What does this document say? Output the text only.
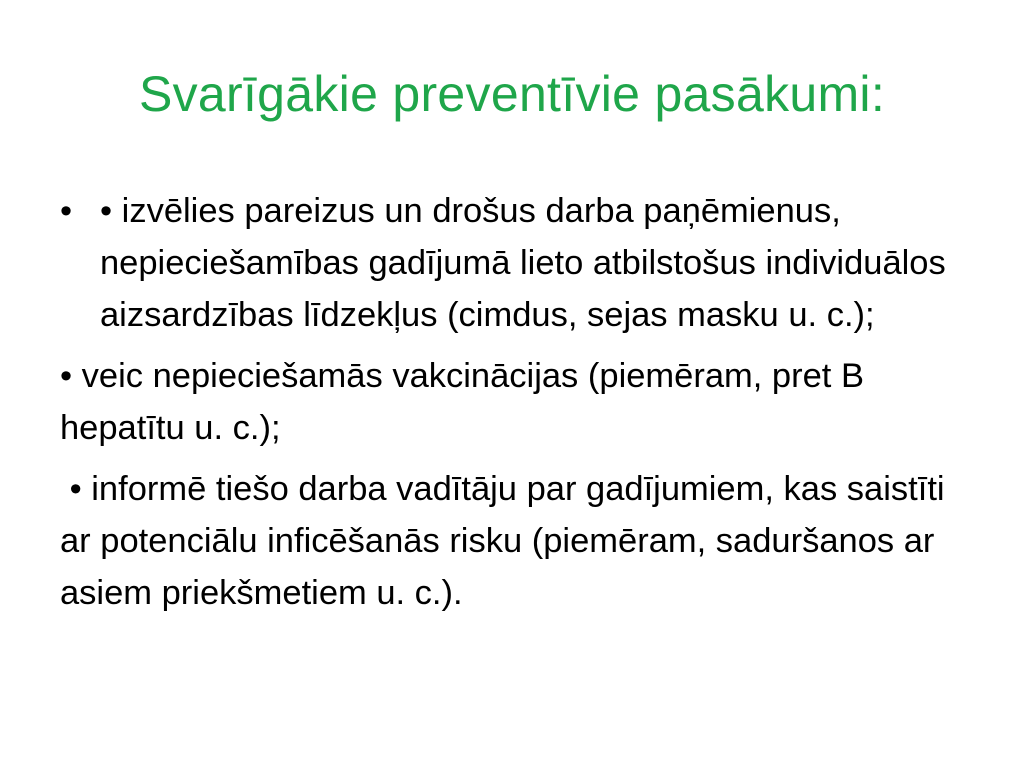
Svarīgākie preventīvie pasākumi:
• • izvēlies pareizus un drošus darba paņēmienus, nepieciešamības gadījumā lieto atbilstošus individuālos aizsardzības līdzekļus (cimdus, sejas masku u. c.);
• veic nepieciešamās vakcinācijas (piemēram, pret B hepatītu u. c.);
• informē tiešo darba vadītāju par gadījumiem, kas saistīti ar potenciālu inficēšanās risku (piemēram, saduršanos ar asiem priekšmetiem u. c.).
